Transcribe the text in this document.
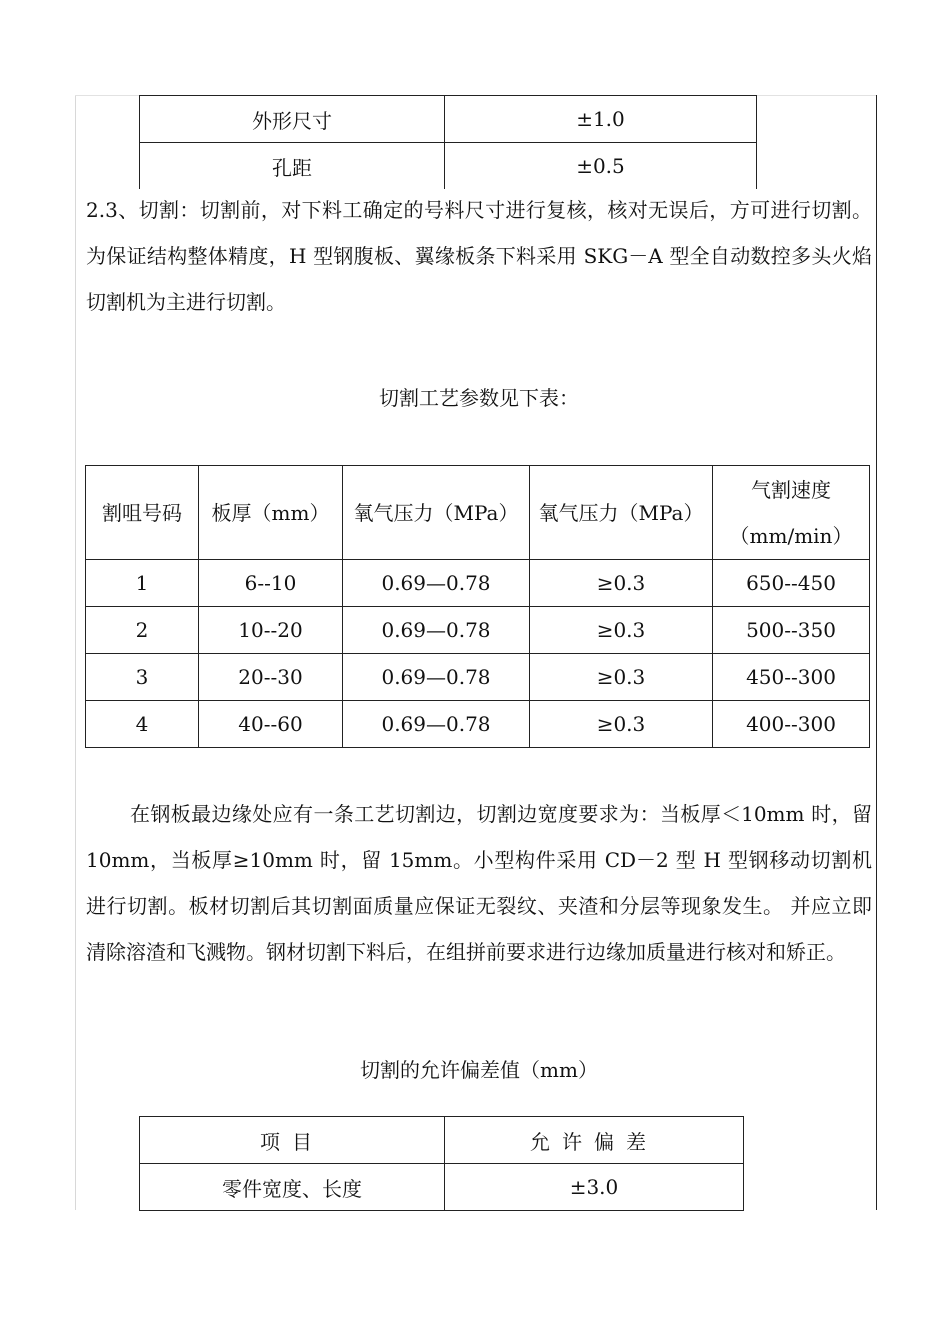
外形尺寸	±1.0
孔距	±0.5
2.3、切割：切割前，对下料工确定的号料尺寸进行复核，核对无误后，方可进行切割。为保证结构整体精度，H 型钢腹板、翼缘板条下料采用 SKG－A 型全自动数控多头火焰切割机为主进行切割。
切割工艺参数见下表：
割咀号码	板厚（mm）	氧气压力（MPa）	氧气压力（MPa）	气割速度
（mm/min）

1	6--10	0.69—0.78	≥0.3	650--450
2	10--20	0.69—0.78	≥0.3	500--350
3	20--30	0.69—0.78	≥0.3	450--300
4	40--60	0.69—0.78	≥0.3	400--300
在钢板最边缘处应有一条工艺切割边，切割边宽度要求为：当板厚＜10mm 时，留 10mm，当板厚≥10mm 时，留 15mm。小型构件采用 CD－2 型 H 型钢移动切割机进行切割。板材切割后其切割面质量应保证无裂纹、夹渣和分层等现象发生。 并应立即清除溶渣和飞溅物。钢材切割下料后，在组拼前要求进行边缘加质量进行核对和矫正。
切割的允许偏差值（mm）
项目	允许偏差
零件宽度、长度	±3.0
